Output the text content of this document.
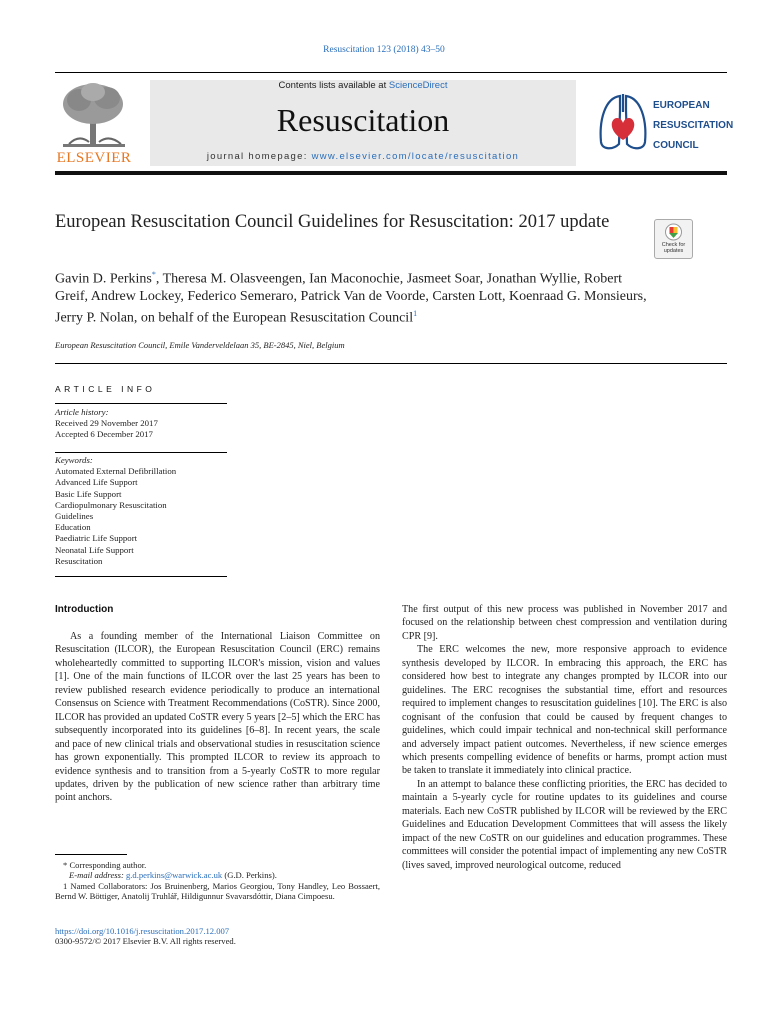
Resuscitation 123 (2018) 43–50
ELSEVIER
Contents lists available at ScienceDirect
Resuscitation
journal homepage: www.elsevier.com/locate/resuscitation
EUROPEAN
RESUSCITATION
COUNCIL
European Resuscitation Council Guidelines for Resuscitation: 2017 update
Check for updates
Gavin D. Perkins*, Theresa M. Olasveengen, Ian Maconochie, Jasmeet Soar, Jonathan Wyllie, Robert Greif, Andrew Lockey, Federico Semeraro, Patrick Van de Voorde, Carsten Lott, Koenraad G. Monsieurs, Jerry P. Nolan, on behalf of the European Resuscitation Council$^1$
European Resuscitation Council, Emile Vanderveldelaan 35, BE-2845, Niel, Belgium
ARTICLE INFO
Article history:
Received 29 November 2017
Accepted 6 December 2017
Keywords:
Automated External Defibrillation
Advanced Life Support
Basic Life Support
Cardiopulmonary Resuscitation
Guidelines
Education
Paediatric Life Support
Neonatal Life Support
Resuscitation
Introduction

As a founding member of the International Liaison Committee on Resuscitation (ILCOR), the European Resuscitation Council (ERC) remains wholeheartedly committed to supporting ILCOR's mission, vision and values [1]. One of the main functions of ILCOR over the last 25 years has been to review published research evidence periodically to produce an international Consensus on Science with Treatment Recommendations (CoSTR). Since 2000, ILCOR has provided an updated CoSTR every 5 years [2–5] which the ERC has subsequently incorporated into its guidelines [6–8]. In recent years, the scale and pace of new clinical trials and observational studies in resuscitation science has grown exponentially. This prompted ILCOR to review its approach to evidence synthesis and to transition from a 5-yearly CoSTR to more regular updates, driven by the publication of new science rather than arbitrary time point anchors.

The first output of this new process was published in November 2017 and focused on the relationship between chest compression and ventilation during CPR [9].

The ERC welcomes the new, more responsive approach to evidence synthesis developed by ILCOR. In embracing this approach, the ERC has considered how best to integrate any changes prompted by ILCOR into our guidelines. The ERC recognises the substantial time, effort and resources required to implement changes to resuscitation guidelines [10]. The ERC is also cognisant of the confusion that could be caused by frequent changes to guidelines, which could impair technical and non-technical skill performance and adversely impact patient outcomes. Nevertheless, if new science emerges which presents compelling evidence of benefits or harms, prompt action must be taken to translate it immediately into clinical practice.

In an attempt to balance these conflicting priorities, the ERC has decided to maintain a 5-yearly cycle for routine updates to its guidelines and course materials. Each new CoSTR published by ILCOR will be reviewed by the ERC Guidelines and Education Development Committees that will assess the likely impact of the new CoSTR on our guidelines and education programmes. These committees will consider the potential impact of implementing any new CoSTR (lives saved, improved neurological outcome, reduced

* Corresponding author.

E-mail address: g.d.perkins@warwick.ac.uk (G.D. Perkins).

1 Named Collaborators: Jos Bruinenberg, Marios Georgiou, Tony Handley, Leo Bossaert, Bernd W. Böttiger, Anatolij Truhlář, Hildigunnur Svavarsdóttir, Diana Cimpoesu.

https://doi.org/10.1016/j.resuscitation.2017.12.007
0300-9572/© 2017 Elsevier B.V. All rights reserved.
